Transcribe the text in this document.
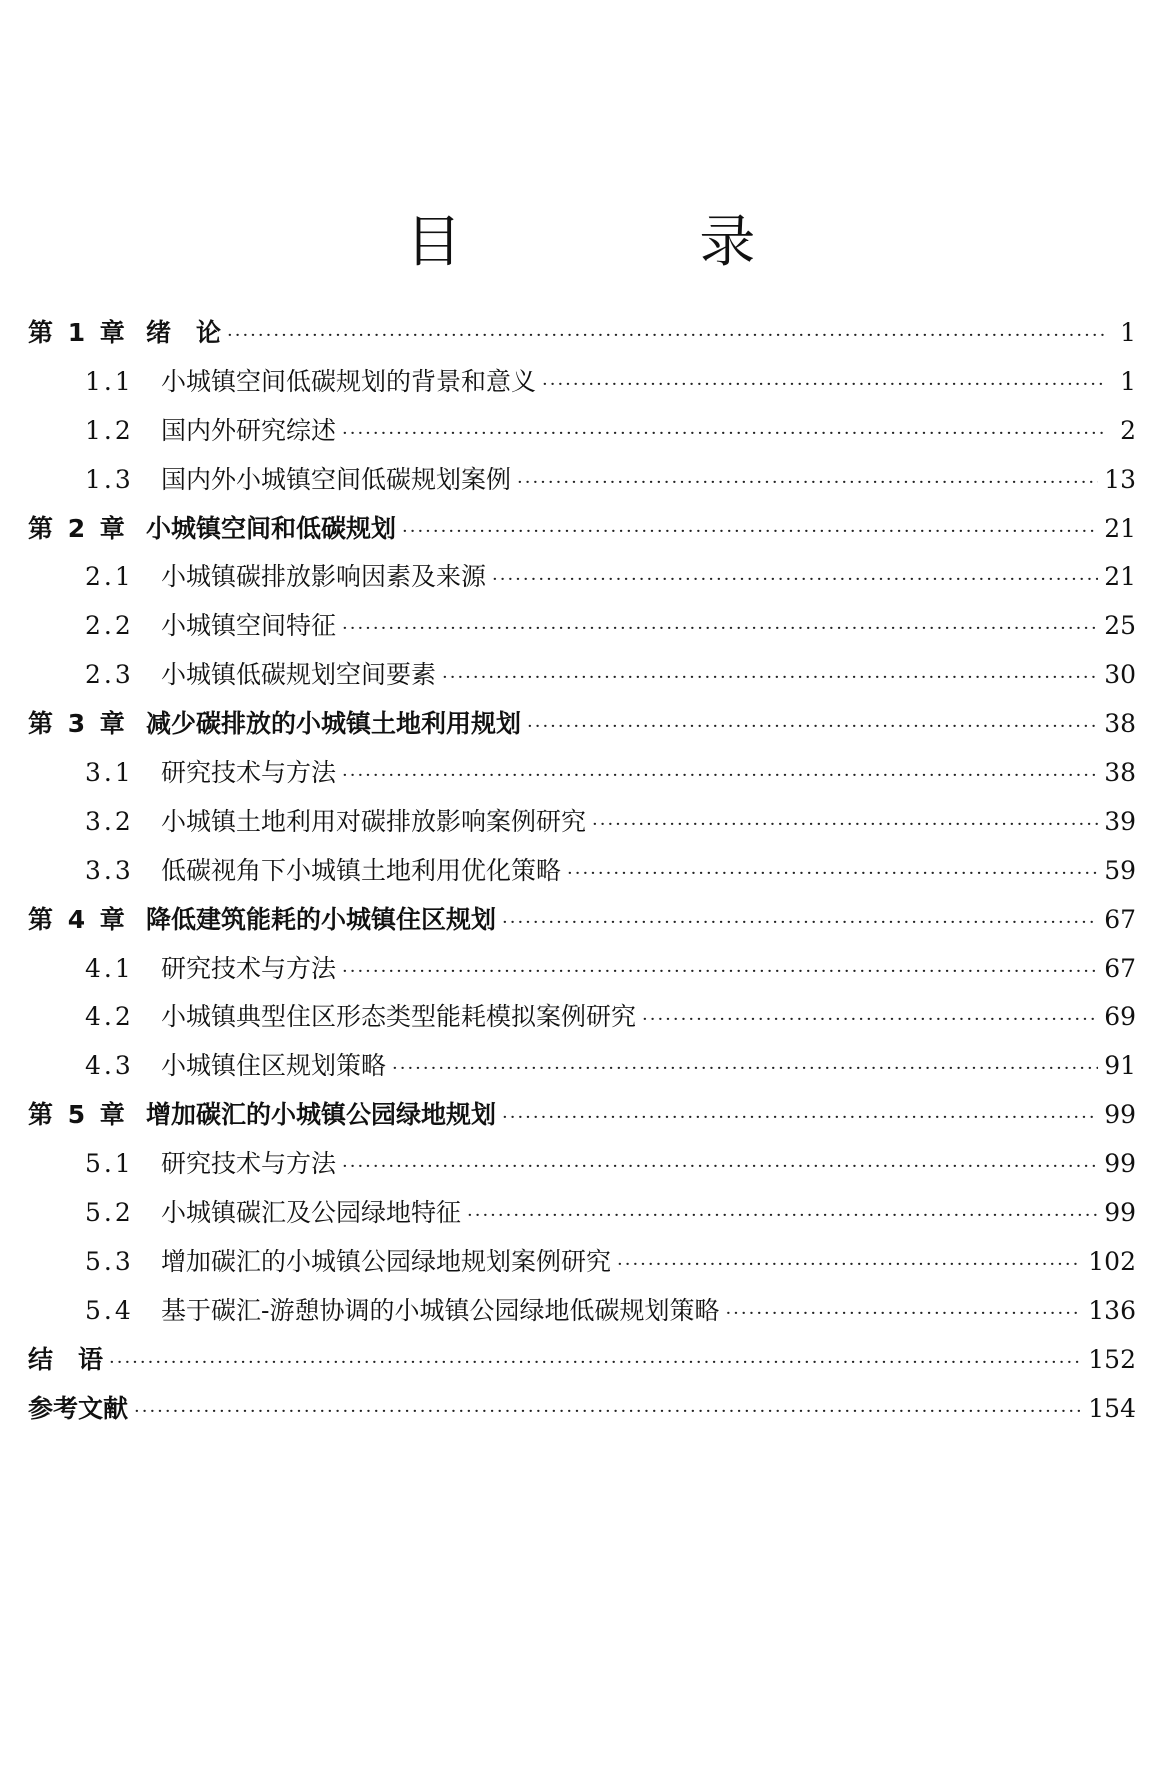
目 录
第 1 章 绪　论 ·····	1
1.1	小城镇空间低碳规划的背景和意义 ·····	1
1.2	国内外研究综述 ·····	2
1.3	国内外小城镇空间低碳规划案例 ·····	13
第 2 章 小城镇空间和低碳规划 ·····	21
2.1	小城镇碳排放影响因素及来源 ·····	21
2.2	小城镇空间特征 ·····	25
2.3	小城镇低碳规划空间要素 ·····	30
第 3 章 减少碳排放的小城镇土地利用规划 ·····	38
3.1	研究技术与方法 ·····	38
3.2	小城镇土地利用对碳排放影响案例研究 ·····	39
3.3	低碳视角下小城镇土地利用优化策略 ·····	59
第 4 章 降低建筑能耗的小城镇住区规划 ·····	67
4.1	研究技术与方法 ·····	67
4.2	小城镇典型住区形态类型能耗模拟案例研究 ·····	69
4.3	小城镇住区规划策略 ·····	91
第 5 章 增加碳汇的小城镇公园绿地规划 ·····	99
5.1	研究技术与方法 ·····	99
5.2	小城镇碳汇及公园绿地特征 ·····	99
5.3	增加碳汇的小城镇公园绿地规划案例研究 ·····	102
5.4	基于碳汇-游憩协调的小城镇公园绿地低碳规划策略 ·····	136
结　语 ·····	152
参考文献 ·····	154
